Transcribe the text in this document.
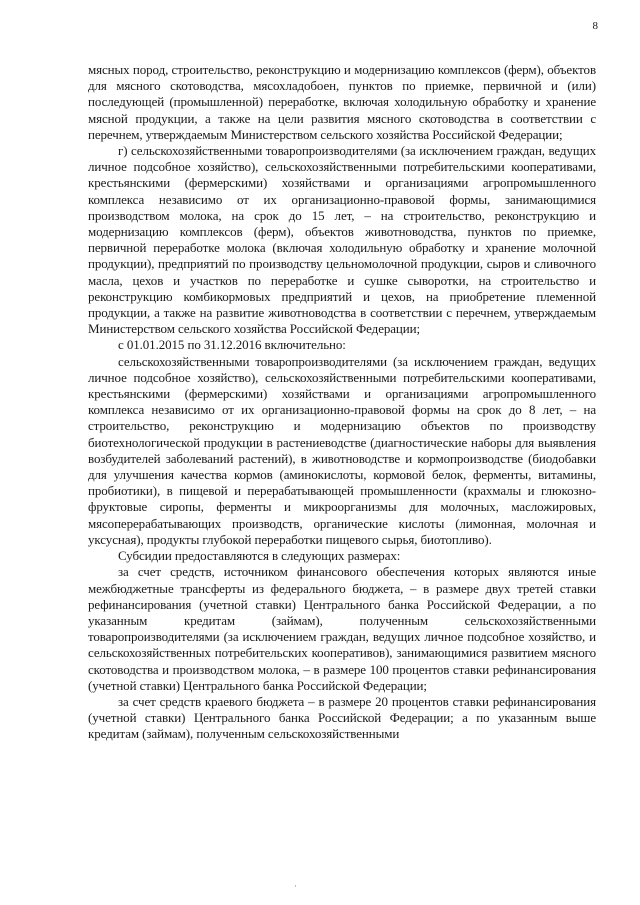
8

мясных пород, строительство, реконструкцию и модернизацию комплексов (ферм), объектов для мясного скотоводства, мясохладобоен, пунктов по приемке, первичной и (или) последующей (промышленной) переработке, включая холодильную обработку и хранение мясной продукции, а также на цели развития мясного скотоводства в соответствии с перечнем, утверждаемым Министерством сельского хозяйства Российской Федерации;

г) сельскохозяйственными товаропроизводителями (за исключением граждан, ведущих личное подсобное хозяйство), сельскохозяйственными потребительскими кооперативами, крестьянскими (фермерскими) хозяйствами и организациями агропромышленного комплекса независимо от их организационно-правовой формы, занимающимися производством молока, на срок до 15 лет, – на строительство, реконструкцию и модернизацию комплексов (ферм), объектов животноводства, пунктов по приемке, первичной переработке молока (включая холодильную обработку и хранение молочной продукции), предприятий по производству цельномолочной продукции, сыров и сливочного масла, цехов и участков по переработке и сушке сыворотки, на строительство и реконструкцию комбикормовых предприятий и цехов, на приобретение племенной продукции, а также на развитие животноводства в соответствии с перечнем, утверждаемым Министерством сельского хозяйства Российской Федерации;

с 01.01.2015 по 31.12.2016 включительно:

сельскохозяйственными товаропроизводителями (за исключением граждан, ведущих личное подсобное хозяйство), сельскохозяйственными потребительскими кооперативами, крестьянскими (фермерскими) хозяйствами и организациями агропромышленного комплекса независимо от их организационно-правовой формы на срок до 8 лет, – на строительство, реконструкцию и модернизацию объектов по производству биотехнологической продукции в растениеводстве (диагностические наборы для выявления возбудителей заболеваний растений), в животноводстве и кормопроизводстве (биодобавки для улучшения качества кормов (аминокислоты, кормовой белок, ферменты, витамины, пробиотики), в пищевой и перерабатывающей промышленности (крахмалы и глюкозно-фруктовые сиропы, ферменты и микроорганизмы для молочных, масложировых, мясоперерабатывающих производств, органические кислоты (лимонная, молочная и уксусная), продукты глубокой переработки пищевого сырья, биотопливо).

Субсидии предоставляются в следующих размерах:

за счет средств, источником финансового обеспечения которых являются иные межбюджетные трансферты из федерального бюджета, – в размере двух третей ставки рефинансирования (учетной ставки) Центрального банка Российской Федерации, а по указанным кредитам (займам), полученным сельскохозяйственными товаропроизводителями (за исключением граждан, ведущих личное подсобное хозяйство, и сельскохозяйственных потребительских кооперативов), занимающимися развитием мясного скотоводства и производством молока, – в размере 100 процентов ставки рефинансирования (учетной ставки) Центрального банка Российской Федерации;

за счет средств краевого бюджета – в размере 20 процентов ставки рефинансирования (учетной ставки) Центрального банка Российской Федерации; а по указанным выше кредитам (займам), полученным сельскохозяйственными

·
